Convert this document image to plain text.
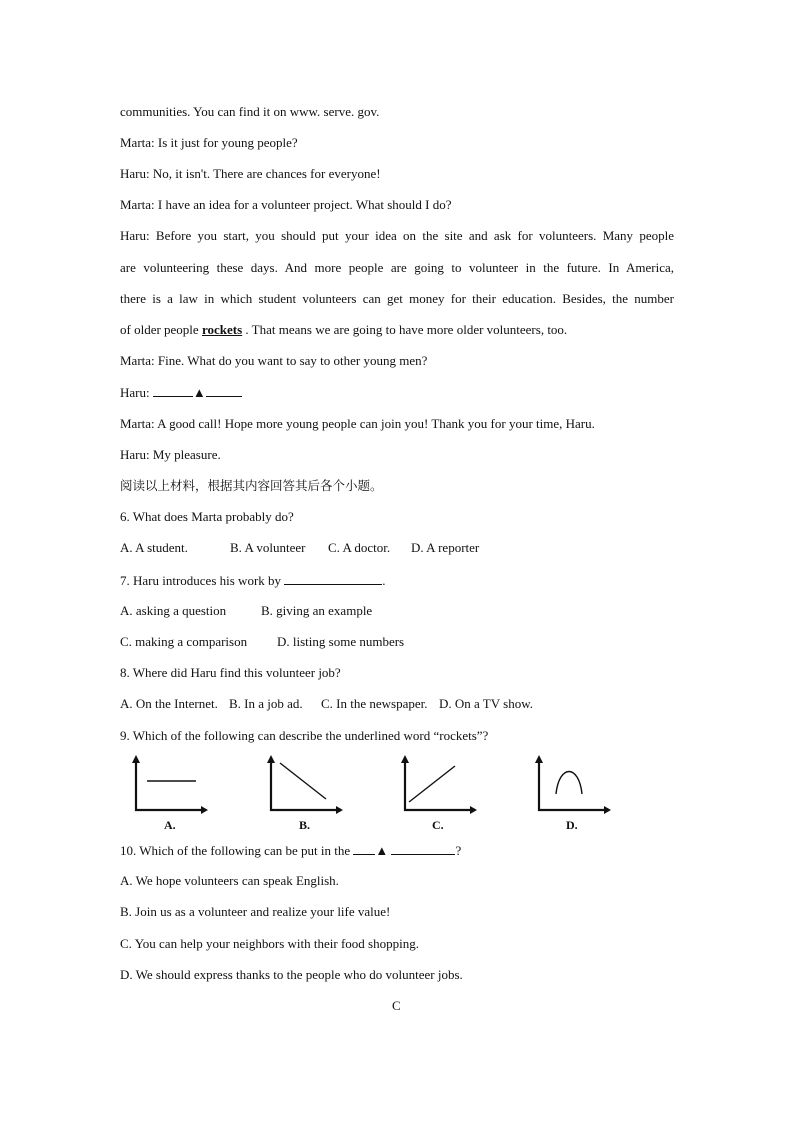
communities. You can find it on www. serve. gov.
Marta: Is it just for young people?
Haru: No, it isn't. There are chances for everyone!
Marta: I have an idea for a volunteer project. What should I do?
Haru: Before you start, you should put your idea on the site and ask for volunteers. Many people
are volunteering these days. And more people are going to volunteer in the future. In America,
there is a law in which student volunteers can get money for their education. Besides, the number
of older people rockets . That means we are going to have more older volunteers, too.
Marta: Fine. What do you want to say to other young men?
Haru:	▲
Marta: A good call! Hope more young people can join you! Thank you for your time, Haru.
Haru: My pleasure.
阅读以上材料，根据其内容回答其后各个小题。
6. What does Marta probably do?
A. A student.	B. A volunteer C. A doctor. D. A reporter
7. Haru introduces his work by	.
A. asking a question	B. giving an example
C. making a comparison D. listing some numbers
8. Where did Haru find this volunteer job?
A. On the Internet. B. In a job ad. C. In the newspaper. D. On a TV show.
9. Which of the following can describe the underlined word “rockets”?
A.	B.	C.	D.
10. Which of the following can be put in the ▲	?
A. We hope volunteers can speak English.
B. Join us as a volunteer and realize your life value!
C. You can help your neighbors with their food shopping.
D. We should express thanks to the people who do volunteer jobs.
C
